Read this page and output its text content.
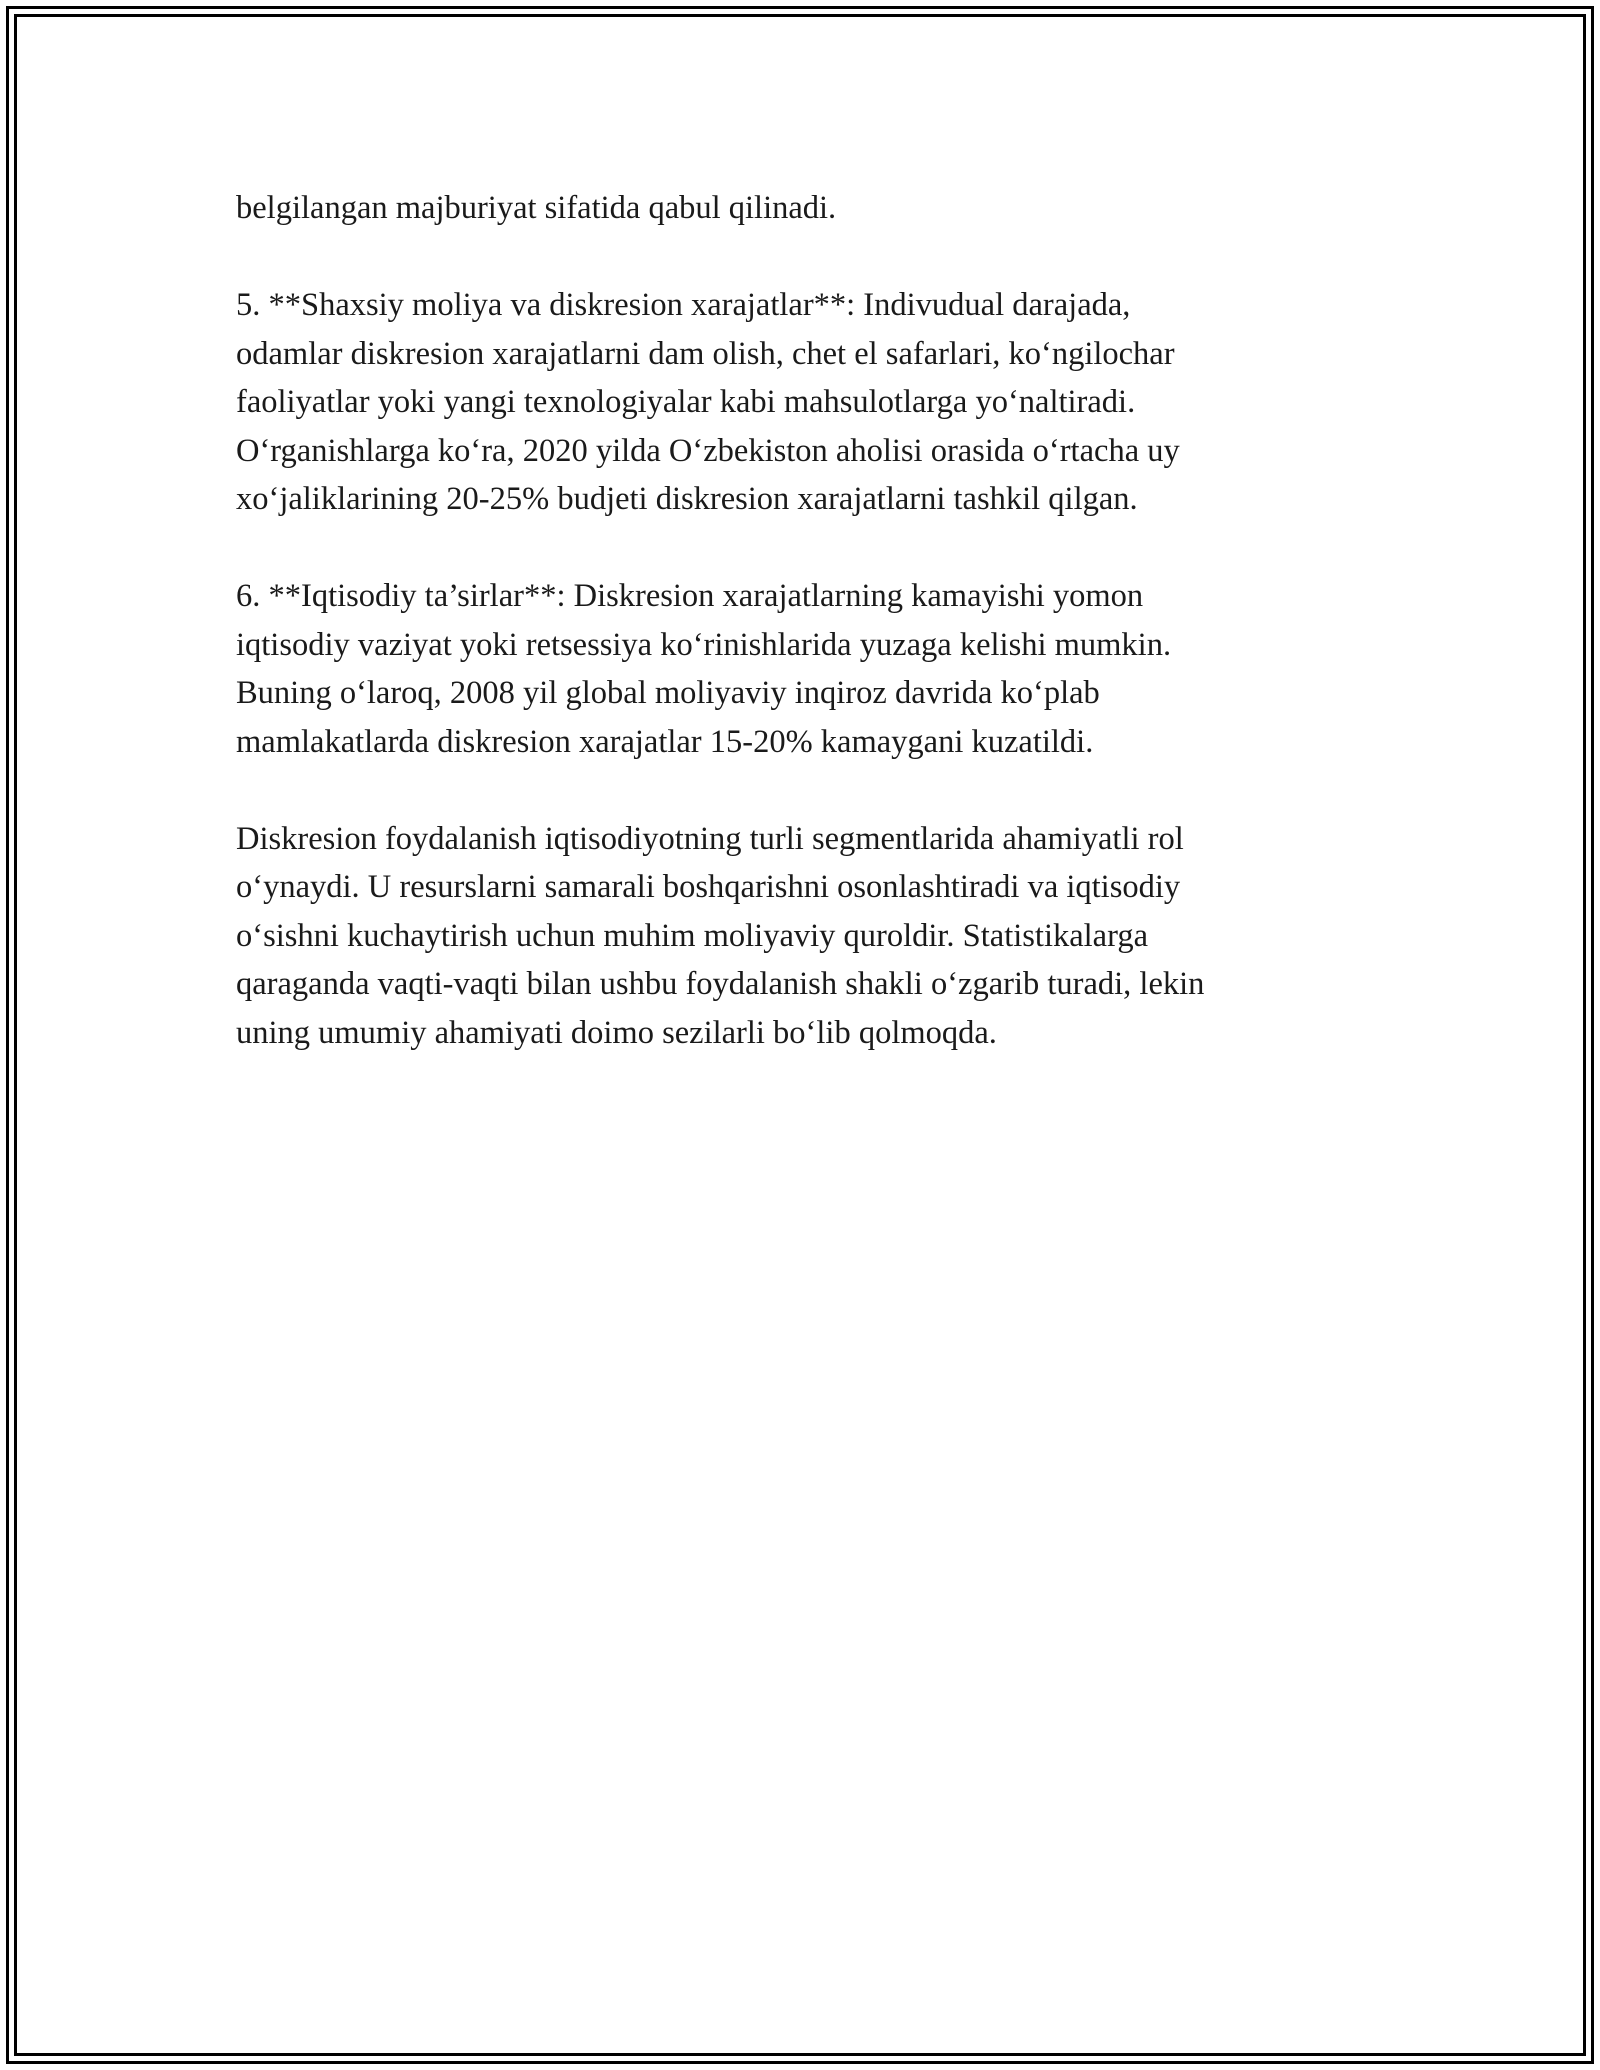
belgilangan majburiyat sifatida qabul qilinadi.

5. **Shaxsiy moliya va diskresion xarajatlar**: Indivudual darajada,
odamlar diskresion xarajatlarni dam olish, chet el safarlari, ko‘ngilochar
faoliyatlar yoki yangi texnologiyalar kabi mahsulotlarga yo‘naltiradi.
O‘rganishlarga ko‘ra, 2020 yilda O‘zbekiston aholisi orasida o‘rtacha uy
xo‘jaliklarining 20-25% budjeti diskresion xarajatlarni tashkil qilgan.

6. **Iqtisodiy ta’sirlar**: Diskresion xarajatlarning kamayishi yomon
iqtisodiy vaziyat yoki retsessiya ko‘rinishlarida yuzaga kelishi mumkin.
Buning o‘laroq, 2008 yil global moliyaviy inqiroz davrida ko‘plab
mamlakatlarda diskresion xarajatlar 15-20% kamaygani kuzatildi.

Diskresion foydalanish iqtisodiyotning turli segmentlarida ahamiyatli rol
o‘ynaydi. U resurslarni samarali boshqarishni osonlashtiradi va iqtisodiy
o‘sishni kuchaytirish uchun muhim moliyaviy quroldir. Statistikalarga
qaraganda vaqti-vaqti bilan ushbu foydalanish shakli o‘zgarib turadi, lekin
uning umumiy ahamiyati doimo sezilarli bo‘lib qolmoqda.
